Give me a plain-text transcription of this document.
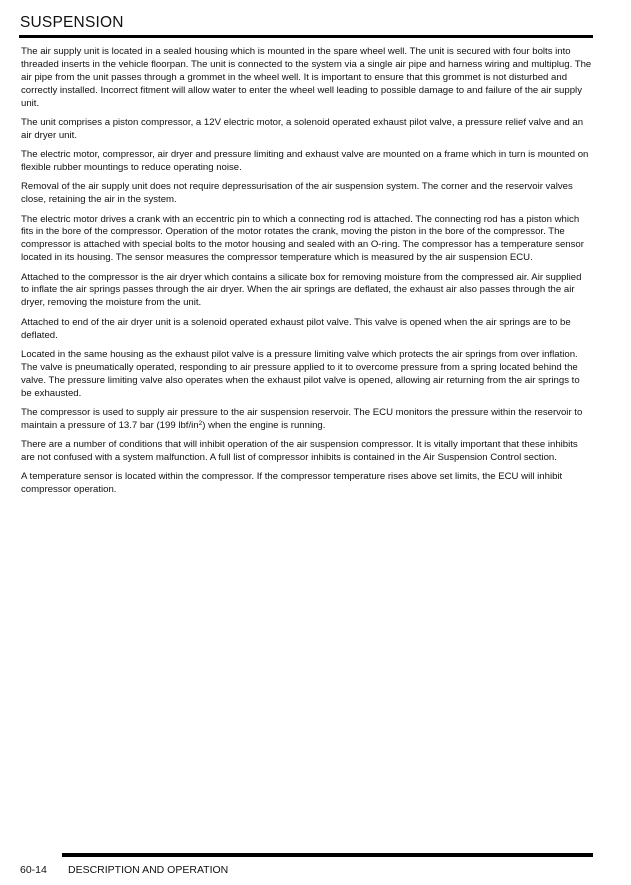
SUSPENSION

The air supply unit is located in a sealed housing which is mounted in the spare wheel well. The unit is secured with four bolts into threaded inserts in the vehicle floorpan. The unit is connected to the system via a single air pipe and harness wiring and multiplug. The air pipe from the unit passes through a grommet in the wheel well. It is important to ensure that this grommet is not disturbed and correctly installed. Incorrect fitment will allow water to enter the wheel well leading to possible damage to and failure of the air supply unit.

The unit comprises a piston compressor, a 12V electric motor, a solenoid operated exhaust pilot valve, a pressure relief valve and an air dryer unit.

The electric motor, compressor, air dryer and pressure limiting and exhaust valve are mounted on a frame which in turn is mounted on flexible rubber mountings to reduce operating noise.

Removal of the air supply unit does not require depressurisation of the air suspension system. The corner and the reservoir valves close, retaining the air in the system.

The electric motor drives a crank with an eccentric pin to which a connecting rod is attached. The connecting rod has a piston which fits in the bore of the compressor. Operation of the motor rotates the crank, moving the piston in the bore of the compressor. The compressor is attached with special bolts to the motor housing and sealed with an O-ring. The compressor has a temperature sensor located in its housing. The sensor measures the compressor temperature which is measured by the air suspension ECU.

Attached to the compressor is the air dryer which contains a silicate box for removing moisture from the compressed air. Air supplied to inflate the air springs passes through the air dryer. When the air springs are deflated, the exhaust air also passes through the air dryer, removing the moisture from the unit.

Attached to end of the air dryer unit is a solenoid operated exhaust pilot valve. This valve is opened when the air springs are to be deflated.

Located in the same housing as the exhaust pilot valve is a pressure limiting valve which protects the air springs from over inflation. The valve is pneumatically operated, responding to air pressure applied to it to overcome pressure from a spring located behind the valve. The pressure limiting valve also operates when the exhaust pilot valve is opened, allowing air returning from the air springs to be exhausted.

The compressor is used to supply air pressure to the air suspension reservoir. The ECU monitors the pressure within the reservoir to maintain a pressure of 13.7 bar (199 lbf/$in^2$) when the engine is running.

There are a number of conditions that will inhibit operation of the air suspension compressor. It is vitally important that these inhibits are not confused with a system malfunction. A full list of compressor inhibits is contained in the Air Suspension Control section.

A temperature sensor is located within the compressor. If the compressor temperature rises above set limits, the ECU will inhibit compressor operation.

60-14 DESCRIPTION AND OPERATION
